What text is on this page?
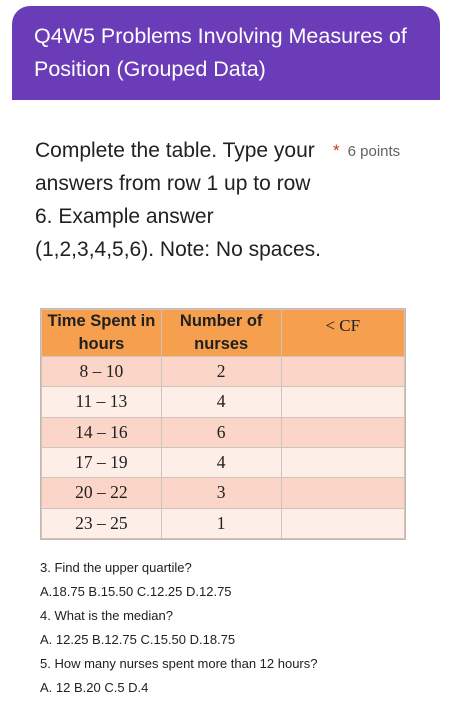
Q4W5 Problems Involving Measures of Position (Grouped Data)
Complete the table. Type your answers from row 1 up to row 6. Example answer (1,2,3,4,5,6). Note: No spaces.
* 6 points
Time Spent in hours	Number of nurses	< CF
8 – 10	2	
11 – 13	4	
14 – 16	6	
17 – 19	4	
20 – 22	3	
23 – 25	1	
3. Find the upper quartile?
A.18.75 B.15.50 C.12.25 D.12.75
4. What is the median?
A. 12.25 B.12.75 C.15.50 D.18.75
5. How many nurses spent more than 12 hours?
A. 12 B.20 C.5 D.4
